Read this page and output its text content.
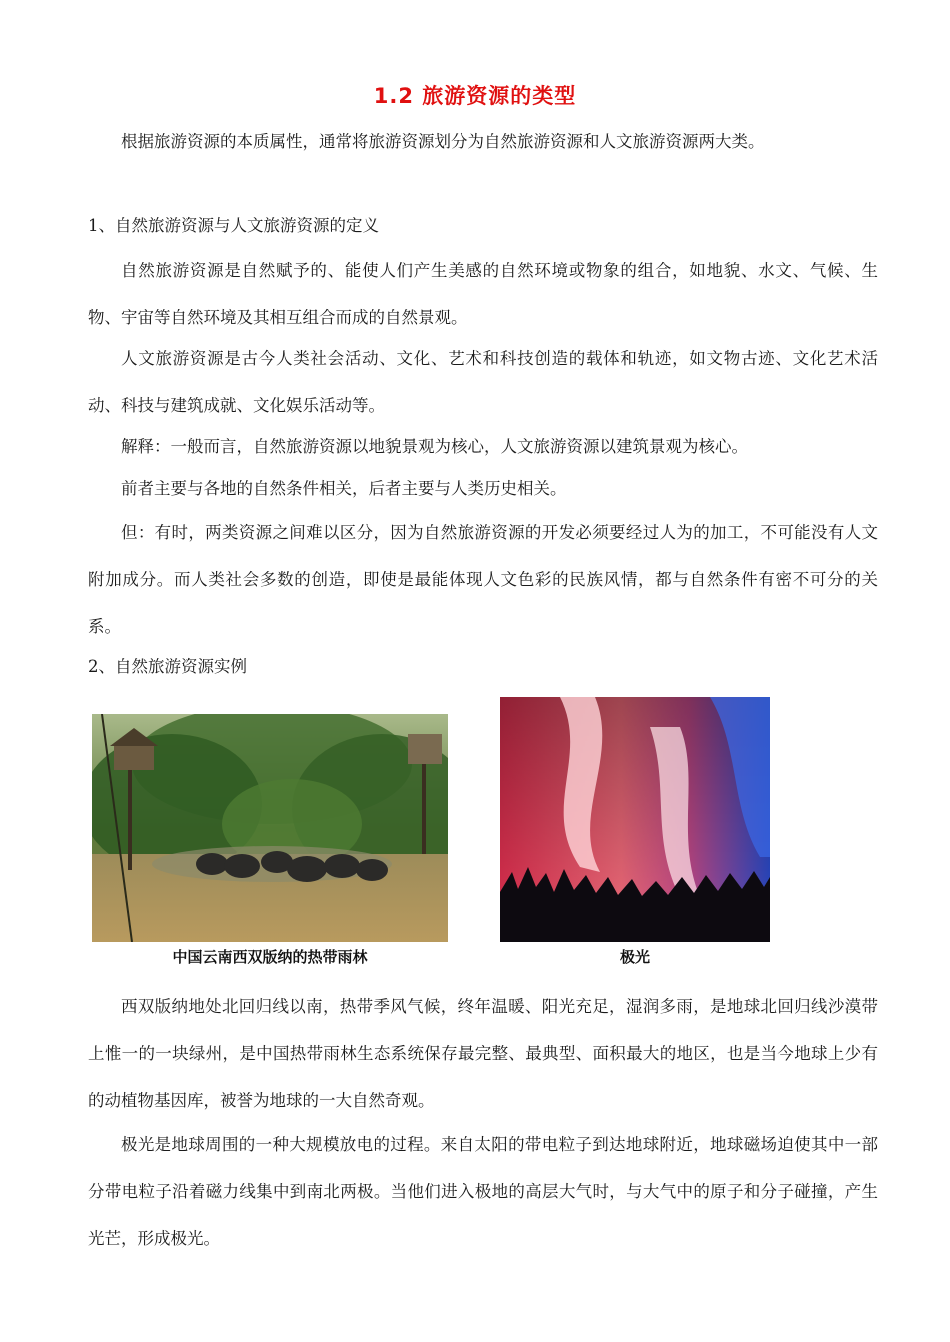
1.2 旅游资源的类型

根据旅游资源的本质属性，通常将旅游资源划分为自然旅游资源和人文旅游资源两大类。

1、自然旅游资源与人文旅游资源的定义

自然旅游资源是自然赋予的、能使人们产生美感的自然环境或物象的组合，如地貌、水文、气候、生物、宇宙等自然环境及其相互组合而成的自然景观。

人文旅游资源是古今人类社会活动、文化、艺术和科技创造的载体和轨迹，如文物古迹、文化艺术活动、科技与建筑成就、文化娱乐活动等。

解释：一般而言，自然旅游资源以地貌景观为核心，人文旅游资源以建筑景观为核心。

前者主要与各地的自然条件相关，后者主要与人类历史相关。

但：有时，两类资源之间难以区分，因为自然旅游资源的开发必须要经过人为的加工，不可能没有人文附加成分。而人类社会多数的创造，即使是最能体现人文色彩的民族风情，都与自然条件有密不可分的关系。

2、自然旅游资源实例

中国云南西双版纳的热带雨林	极光

西双版纳地处北回归线以南，热带季风气候，终年温暖、阳光充足，湿润多雨，是地球北回归线沙漠带上惟一的一块绿州，是中国热带雨林生态系统保存最完整、最典型、面积最大的地区，也是当今地球上少有的动植物基因库，被誉为地球的一大自然奇观。

极光是地球周围的一种大规模放电的过程。来自太阳的带电粒子到达地球附近，地球磁场迫使其中一部分带电粒子沿着磁力线集中到南北两极。当他们进入极地的高层大气时，与大气中的原子和分子碰撞，产生光芒，形成极光。
